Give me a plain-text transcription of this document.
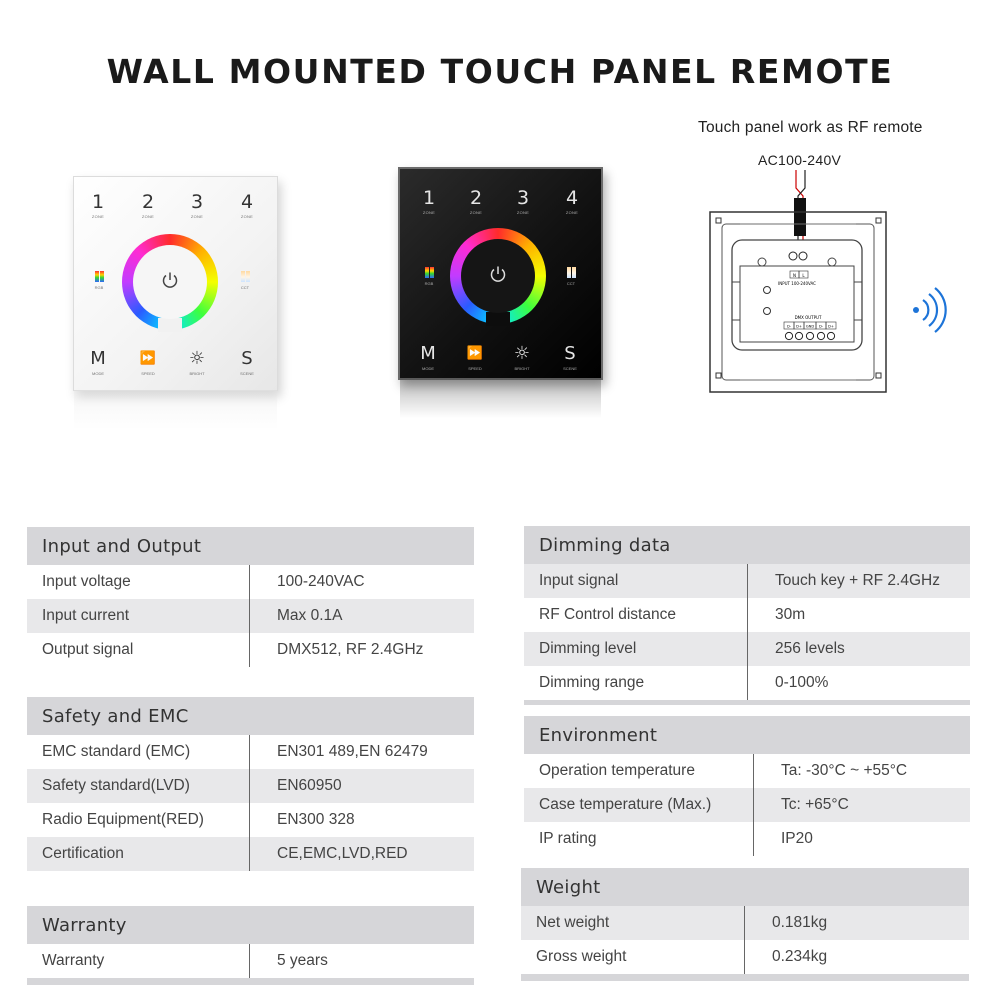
WALL MOUNTED TOUCH PANEL REMOTE
1
ZONE
2
ZONE
3
ZONE
4
ZONE
RGB	CCT
M
MODE
⏩
SPEED
☼
BRIGHT
S
SCENE
1
ZONE
2
ZONE
3
ZONE
4
ZONE
RGB	CCT
M
MODE
⏩
SPEED
☼
BRIGHT
S
SCENE
Touch panel work as RF remote
AC100-240V
N L
INPUT 100-240VAC
DMX OUTPUT
D- D+ GND D- D+
Input and Output
Input voltage	100-240VAC
Input current	Max 0.1A
Output signal	DMX512, RF 2.4GHz
Safety and EMC
EMC standard (EMC)	EN301 489,EN 62479
Safety standard(LVD)	EN60950
Radio Equipment(RED)	EN300 328
Certification	CE,EMC,LVD,RED
Warranty
Warranty	5 years
Dimming data
Input signal	Touch key + RF 2.4GHz
RF Control distance	30m
Dimming level	256 levels
Dimming range	0-100%
Environment
Operation temperature	Ta: -30°C ~ +55°C
Case temperature (Max.)	Tc: +65°C
IP rating	IP20
Weight
Net weight	0.181kg
Gross weight	0.234kg
